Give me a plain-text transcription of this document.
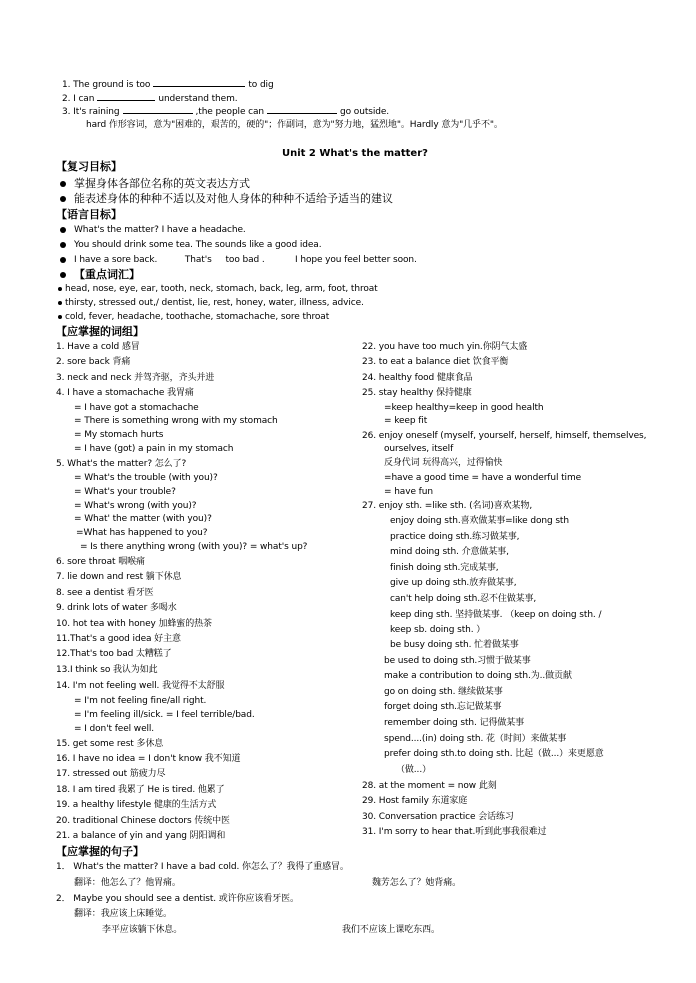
1. The ground is too	to dig
2. I can	understand them.
3. It's raining	,the people can	go outside.
hard 作形容词，意为"困难的，艰苦的，硬的"；作副词，意为"努力地，猛烈地"。Hardly 意为"几乎不"。
Unit 2 What's the matter?
【复习目标】
掌握身体各部位名称的英文表达方式
能表述身体的种种不适以及对他人身体的种种不适给予适当的建议
【语言目标】
What's the matter? I have a headache.
You should drink some tea. The sounds like a good idea.
I have a sore back.          That's     too bad .           I hope you feel better soon.
【重点词汇】
head, nose, eye, ear, tooth, neck, stomach, back, leg, arm, foot, throat
thirsty, stressed out,/ dentist, lie, rest, honey, water, illness, advice.
cold, fever, headache, toothache, stomachache, sore throat
【应掌握的词组】
1. Have a cold 感冒
2. sore back 背痛
3. neck and neck 并驾齐驱，齐头并进
4. I have a stomachache 我胃痛
= I have got a stomachache
= There is something wrong with my stomach
= My stomach hurts
= I have (got) a pain in my stomach
5. What's the matter? 怎么了?
= What's the trouble (with you)?
= What's your trouble?
= What's wrong (with you)?
= What' the matter (with you)?
=What has happened to you?
= Is there anything wrong (with you)? = what's up?
6. sore throat 咽喉痛
7. lie down and rest 躺下休息
8. see a dentist 看牙医
9. drink lots of water 多喝水
10. hot tea with honey 加蜂蜜的热茶
11.That's a good idea 好主意
12.That's too bad 太糟糕了
13.I think so 我认为如此
14. I'm not feeling well. 我觉得不太舒服
= I'm not feeling fine/all right.
= I'm feeling ill/sick. = I feel terrible/bad.
= I don't feel well.
15. get some rest 多休息
16. I have no idea = I don't know 我不知道
17. stressed out 筋疲力尽
18. I am tired 我累了 He is tired. 他累了
19. a healthy lifestyle 健康的生活方式
20. traditional Chinese doctors 传统中医
21. a balance of yin and yang 阴阳调和
22. you have too much yin.你阴气太盛
23. to eat a balance diet 饮食平衡
24. healthy food 健康食品
25. stay healthy 保持健康
=keep healthy=keep in good health
= keep fit
26. enjoy oneself (myself, yourself, herself, himself, themselves,
ourselves, itself
反身代词 玩得高兴，过得愉快
=have a good time = have a wonderful time
= have fun
27. enjoy sth. =like sth. (名词)喜欢某物,
enjoy doing sth.喜欢做某事=like dong sth
practice doing sth.练习做某事,
mind doing sth. 介意做某事,
finish doing sth.完成某事,
give up doing sth.放弃做某事,
can't help doing sth.忍不住做某事,
keep ding sth. 坚持做某事. （keep on doing sth. /
keep sb. doing sth. ）
be busy doing sth. 忙着做某事
be used to doing sth.习惯于做某事
make a contribution to doing sth.为..做贡献
go on doing sth. 继续做某事
forget doing sth.忘记做某事
remember doing sth. 记得做某事
spend....(in) doing sth. 花（时间）来做某事
prefer doing sth.to doing sth. 比起（做...）来更愿意
（做...）
28. at the moment = now 此刻
29. Host family 东道家庭
30. Conversation practice 会话练习
31. I'm sorry to hear that.听到此事我很难过
【应掌握的句子】
1． What's the matter? I have a bad cold. 你怎么了？我得了重感冒。
翻译：他怎么了？他胃痛。	魏芳怎么了？她背痛。
2． Maybe you should see a dentist. 或许你应该看牙医。
翻译：我应该上床睡觉。
李平应该躺下休息。	我们不应该上课吃东西。
